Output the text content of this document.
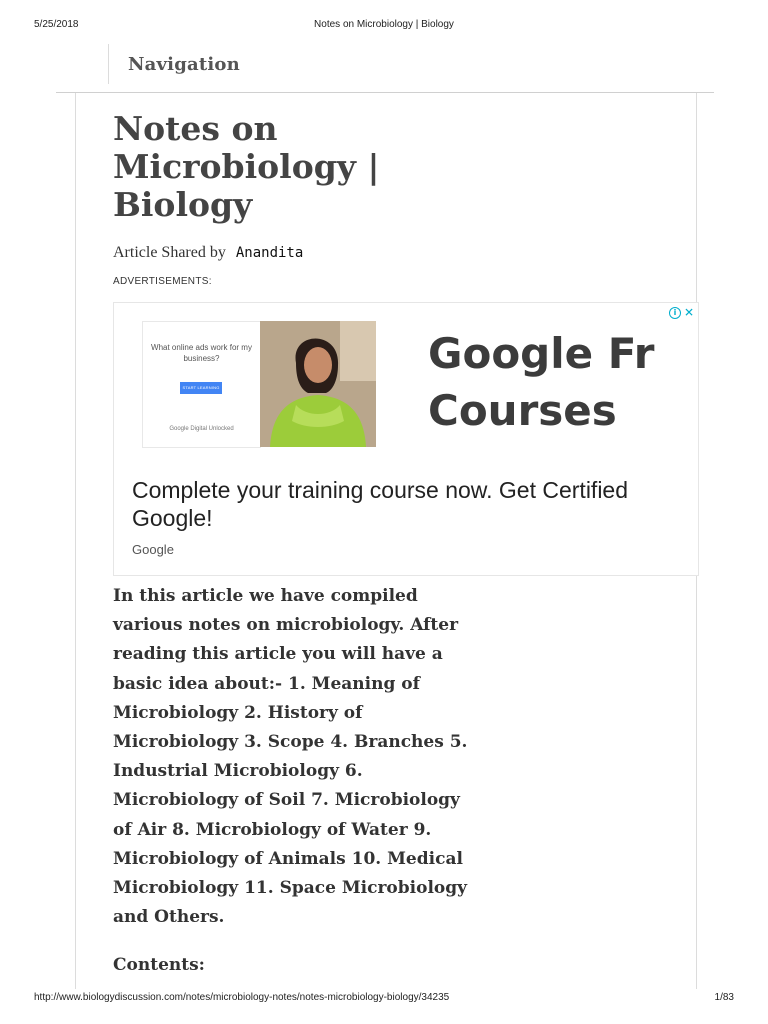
5/25/2018	Notes on Microbiology | Biology
Navigation
Notes on Microbiology | Biology
Article Shared by Anandita
ADVERTISEMENTS:
What online ads work for my business?
START LEARNING
Google Digital Unlocked
Google Fr
Courses
Complete your training course now. Get Certified Google!
Google
i ✕

In this article we have compiled various notes on microbiology. After reading this article you will have a basic idea about:- 1. Meaning of Microbiology 2. History of Microbiology 3. Scope 4. Branches 5. Industrial Microbiology 6. Microbiology of Soil 7. Microbiology of Air 8. Microbiology of Water 9. Microbiology of Animals 10. Medical Microbiology 11. Space Microbiology and Others.

Contents:
http://www.biologydiscussion.com/notes/microbiology-notes/notes-microbiology-biology/34235	1/83
